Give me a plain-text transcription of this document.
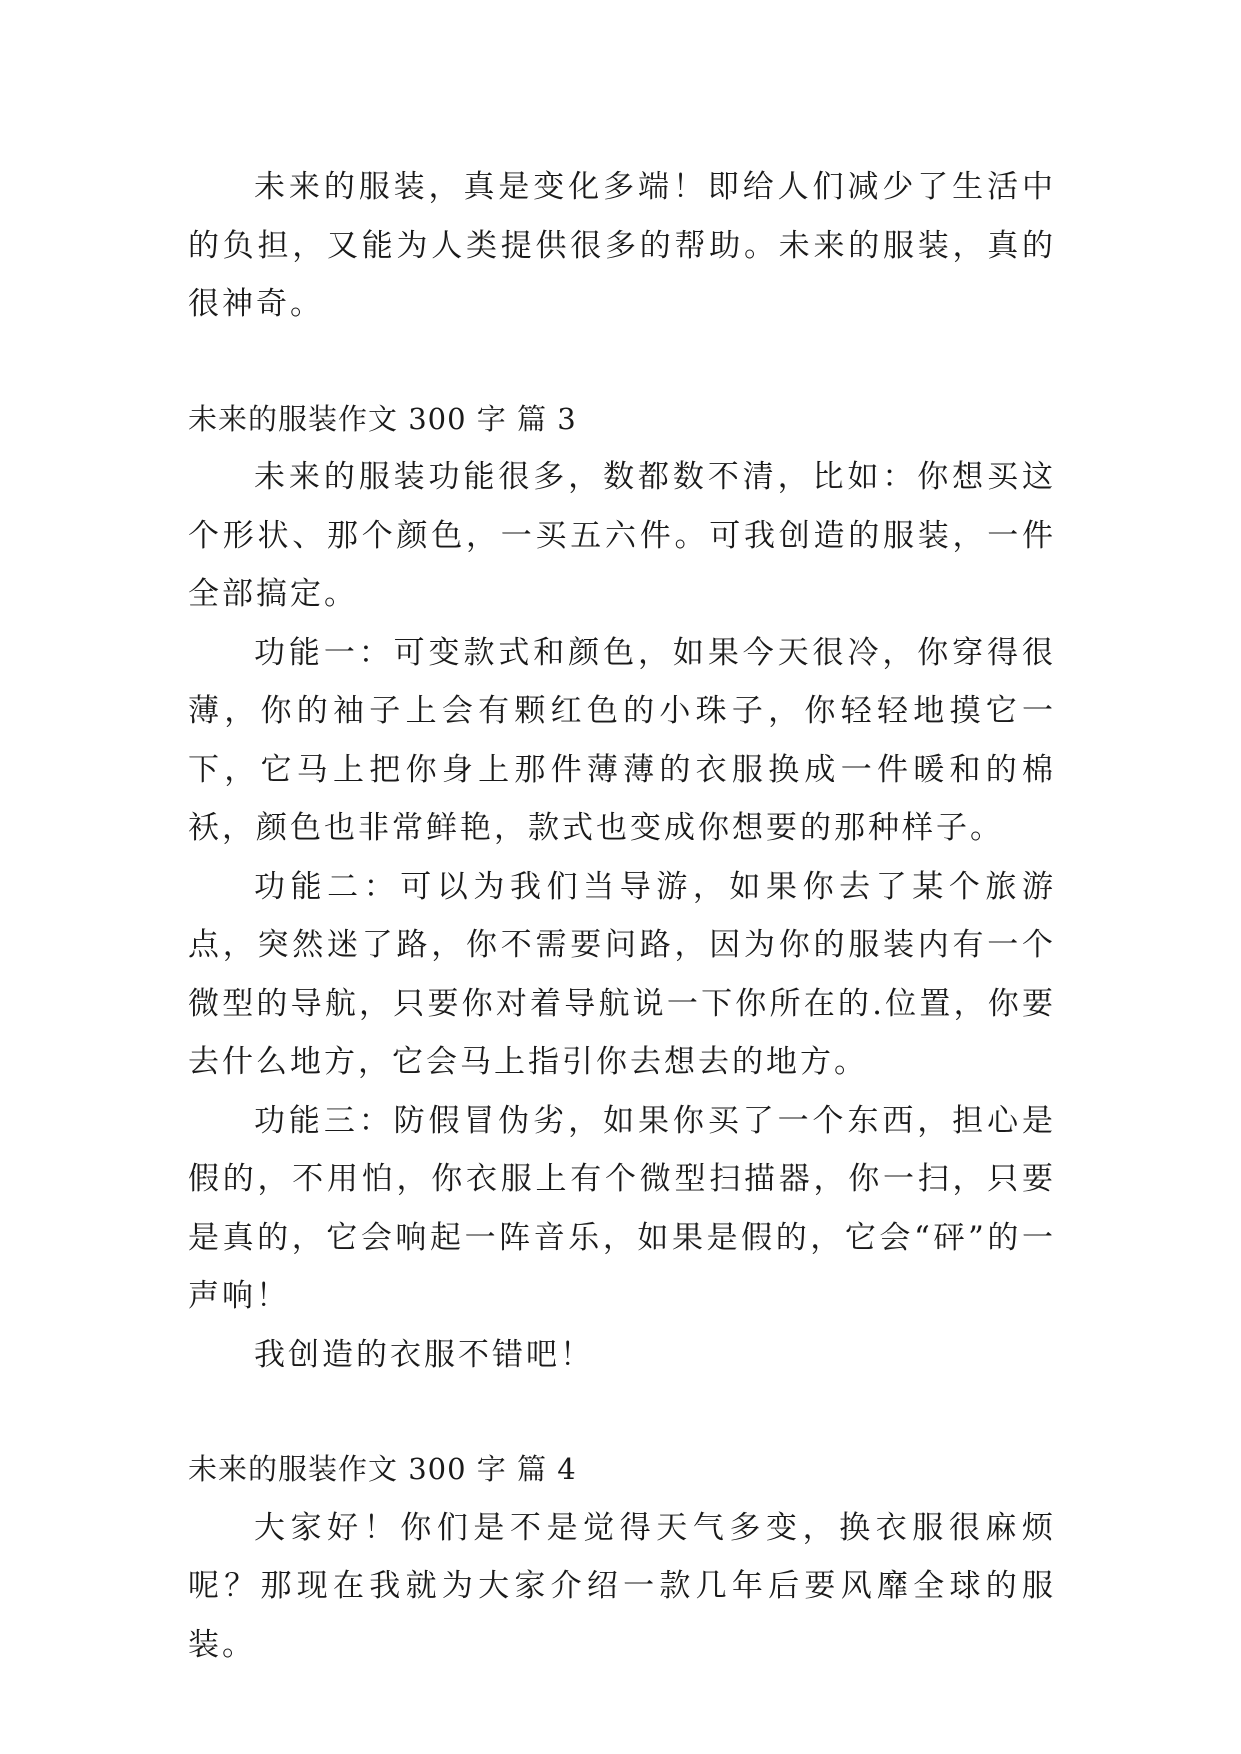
未来的服装，真是变化多端！即给人们减少了生活中的负担，又能为人类提供很多的帮助。未来的服装，真的很神奇。

未来的服装作文 300 字 篇 3

未来的服装功能很多，数都数不清，比如：你想买这个形状、那个颜色，一买五六件。可我创造的服装，一件全部搞定。

功能一：可变款式和颜色，如果今天很冷，你穿得很薄，你的袖子上会有颗红色的小珠子，你轻轻地摸它一下，它马上把你身上那件薄薄的衣服换成一件暖和的棉袄，颜色也非常鲜艳，款式也变成你想要的那种样子。

功能二：可以为我们当导游，如果你去了某个旅游点，突然迷了路，你不需要问路，因为你的服装内有一个微型的导航，只要你对着导航说一下你所在的.位置，你要去什么地方，它会马上指引你去想去的地方。

功能三：防假冒伪劣，如果你买了一个东西，担心是假的，不用怕，你衣服上有个微型扫描器，你一扫，只要是真的，它会响起一阵音乐，如果是假的，它会“砰”的一声响！

我创造的衣服不错吧！

未来的服装作文 300 字 篇 4

大家好！你们是不是觉得天气多变，换衣服很麻烦呢？那现在我就为大家介绍一款几年后要风靡全球的服装。
